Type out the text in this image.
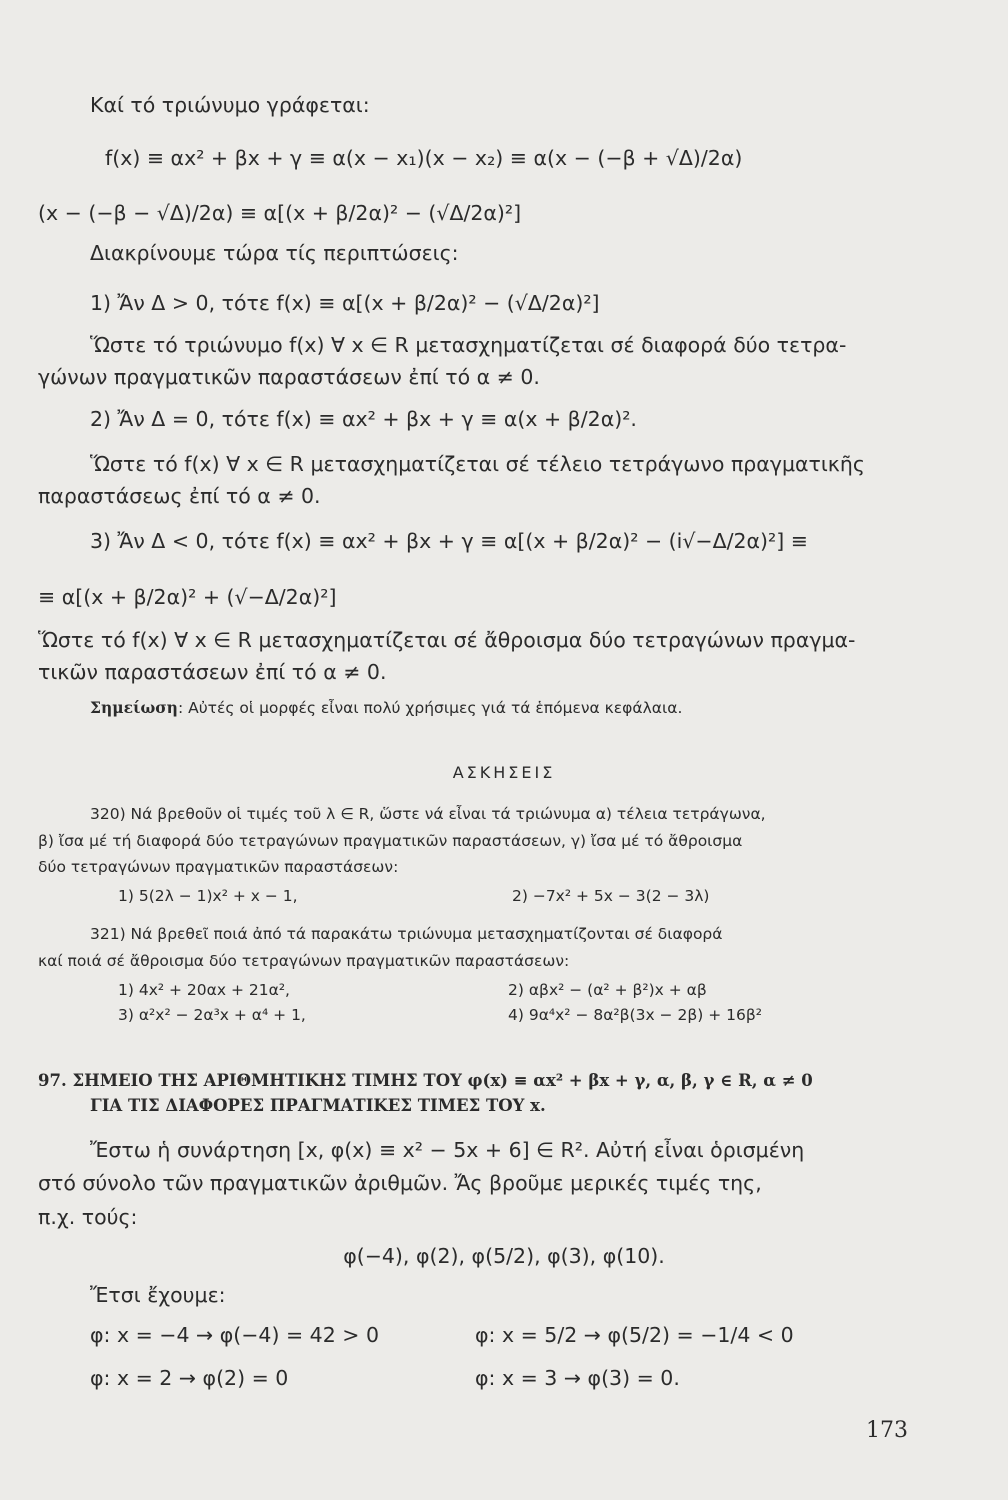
Καί τό τριώνυμο γράφεται:
f(x) ≡ αx² + βx + γ ≡ α(x − x₁)(x − x₂) ≡ α(x − (−β + √Δ)/2α)
(x − (−β − √Δ)/2α) ≡ α[(x + β/2α)² − (√Δ/2α)²]
Διακρίνουμε τώρα τίς περιπτώσεις:
1) Ἄν Δ > 0, τότε f(x) ≡ α[(x + β/2α)² − (√Δ/2α)²]
Ὥστε τό τριώνυμο f(x) ∀ x ∈ R μετασχηματίζεται σέ διαφορά δύο τετρα-
γώνων πραγματικῶν παραστάσεων ἐπί τό α ≠ 0.
2) Ἄν Δ = 0, τότε f(x) ≡ αx² + βx + γ ≡ α(x + β/2α)².
Ὥστε τό f(x) ∀ x ∈ R μετασχηματίζεται σέ τέλειο τετράγωνο πραγματικῆς
παραστάσεως ἐπί τό α ≠ 0.
3) Ἄν Δ < 0, τότε f(x) ≡ αx² + βx + γ ≡ α[(x + β/2α)² − (i√−Δ/2α)²] ≡
≡ α[(x + β/2α)² + (√−Δ/2α)²]
Ὥστε τό f(x) ∀ x ∈ R μετασχηματίζεται σέ ἄθροισμα δύο τετραγώνων πραγμα-
τικῶν παραστάσεων ἐπί τό α ≠ 0.
Σημείωση: Αὐτές οἱ μορφές εἶναι πολύ χρήσιμες γιά τά ἑπόμενα κεφάλαια.
ΑΣΚΗΣΕΙΣ
320) Νά βρεθοῦν οἱ τιμές τοῦ λ ∈ R, ὥστε νά εἶναι τά τριώνυμα α) τέλεια τετράγωνα,
β) ἴσα μέ τή διαφορά δύο τετραγώνων πραγματικῶν παραστάσεων, γ) ἴσα μέ τό ἄθροισμα
δύο τετραγώνων πραγματικῶν παραστάσεων:
1) 5(2λ − 1)x² + x − 1,	2) −7x² + 5x − 3(2 − 3λ)
321) Νά βρεθεῖ ποιά ἀπό τά παρακάτω τριώνυμα μετασχηματίζονται σέ διαφορά
καί ποιά σέ ἄθροισμα δύο τετραγώνων πραγματικῶν παραστάσεων:
1) 4x² + 20αx + 21α²,	2) αβx² − (α² + β²)x + αβ
3) α²x² − 2α³x + α⁴ + 1,	4) 9α⁴x² − 8α²β(3x − 2β) + 16β²
97. ΣΗΜΕΙΟ ΤΗΣ ΑΡΙΘΜΗΤΙΚΗΣ ΤΙΜΗΣ ΤΟΥ φ(x) ≡ αx² + βx + γ, α, β, γ ∈ R, α ≠ 0
ΓΙΑ ΤΙΣ ΔΙΑΦΟΡΕΣ ΠΡΑΓΜΑΤΙΚΕΣ ΤΙΜΕΣ ΤΟΥ x.
Ἔστω ἡ συνάρτηση [x, φ(x) ≡ x² − 5x + 6] ∈ R². Αὐτή εἶναι ὁρισμένη
στό σύνολο τῶν πραγματικῶν ἀριθμῶν. Ἄς βροῦμε μερικές τιμές της,
π.χ. τούς:
φ(−4), φ(2), φ(5/2), φ(3), φ(10).
Ἔτσι ἔχουμε:
φ: x = −4 → φ(−4) = 42 > 0	φ: x = 5/2 → φ(5/2) = −1/4 < 0
φ: x = 2 → φ(2) = 0	φ: x = 3 → φ(3) = 0.
173
